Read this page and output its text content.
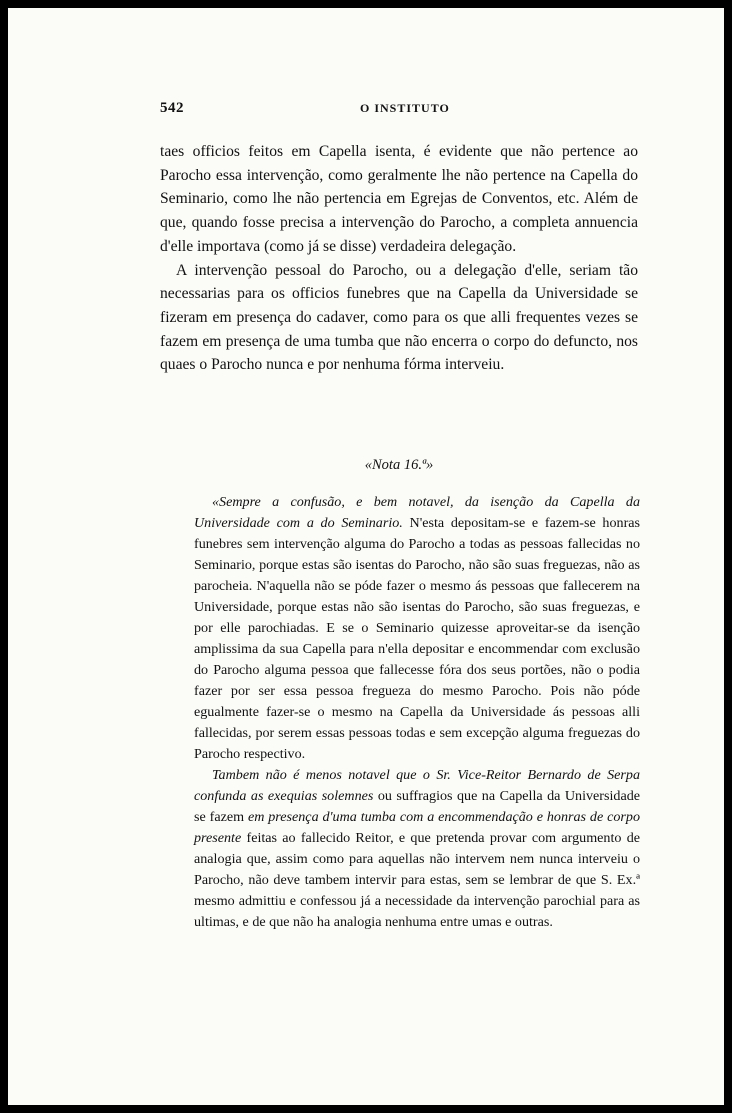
542	O INSTITUTO

taes officios feitos em Capella isenta, é evidente que não pertence ao Parocho essa intervenção, como geralmente lhe não pertence na Capella do Seminario, como lhe não pertencia em Egrejas de Conventos, etc. Além de que, quando fosse precisa a intervenção do Parocho, a completa annuencia d'elle importava (como já se disse) verdadeira delegação.

A intervenção pessoal do Parocho, ou a delegação d'elle, seriam tão necessarias para os officios funebres que na Capella da Universidade se fizeram em presença do cadaver, como para os que alli frequentes vezes se fazem em presença de uma tumba que não encerra o corpo do defuncto, nos quaes o Parocho nunca e por nenhuma fórma interveiu.

«Nota 16.ª»

«Sempre a confusão, e bem notavel, da isenção da Capella da Universidade com a do Seminario. N'esta depositam-se e fazem-se honras funebres sem intervenção alguma do Parocho a todas as pessoas fallecidas no Seminario, porque estas são isentas do Parocho, não são suas freguezas, não as parocheia. N'aquella não se póde fazer o mesmo ás pessoas que fallecerem na Universidade, porque estas não são isentas do Parocho, são suas freguezas, e por elle parochiadas. E se o Seminario quizesse aproveitar-se da isenção amplissima da sua Capella para n'ella depositar e encommendar com exclusão do Parocho alguma pessoa que fallecesse fóra dos seus portões, não o podia fazer por ser essa pessoa fregueza do mesmo Parocho. Pois não póde egualmente fazer-se o mesmo na Capella da Universidade ás pessoas alli fallecidas, por serem essas pessoas todas e sem excepção alguma freguezas do Parocho respectivo.

Tambem não é menos notavel que o Sr. Vice-Reitor Bernardo de Serpa confunda as exequias solemnes ou suffragios que na Capella da Universidade se fazem em presença d'uma tumba com a encommendação e honras de corpo presente feitas ao fallecido Reitor, e que pretenda provar com argumento de analogia que, assim como para aquellas não intervem nem nunca interveiu o Parocho, não deve tambem intervir para estas, sem se lembrar de que S. Ex.ª mesmo admittiu e confessou já a necessidade da intervenção parochial para as ultimas, e de que não ha analogia nenhuma entre umas e outras.
